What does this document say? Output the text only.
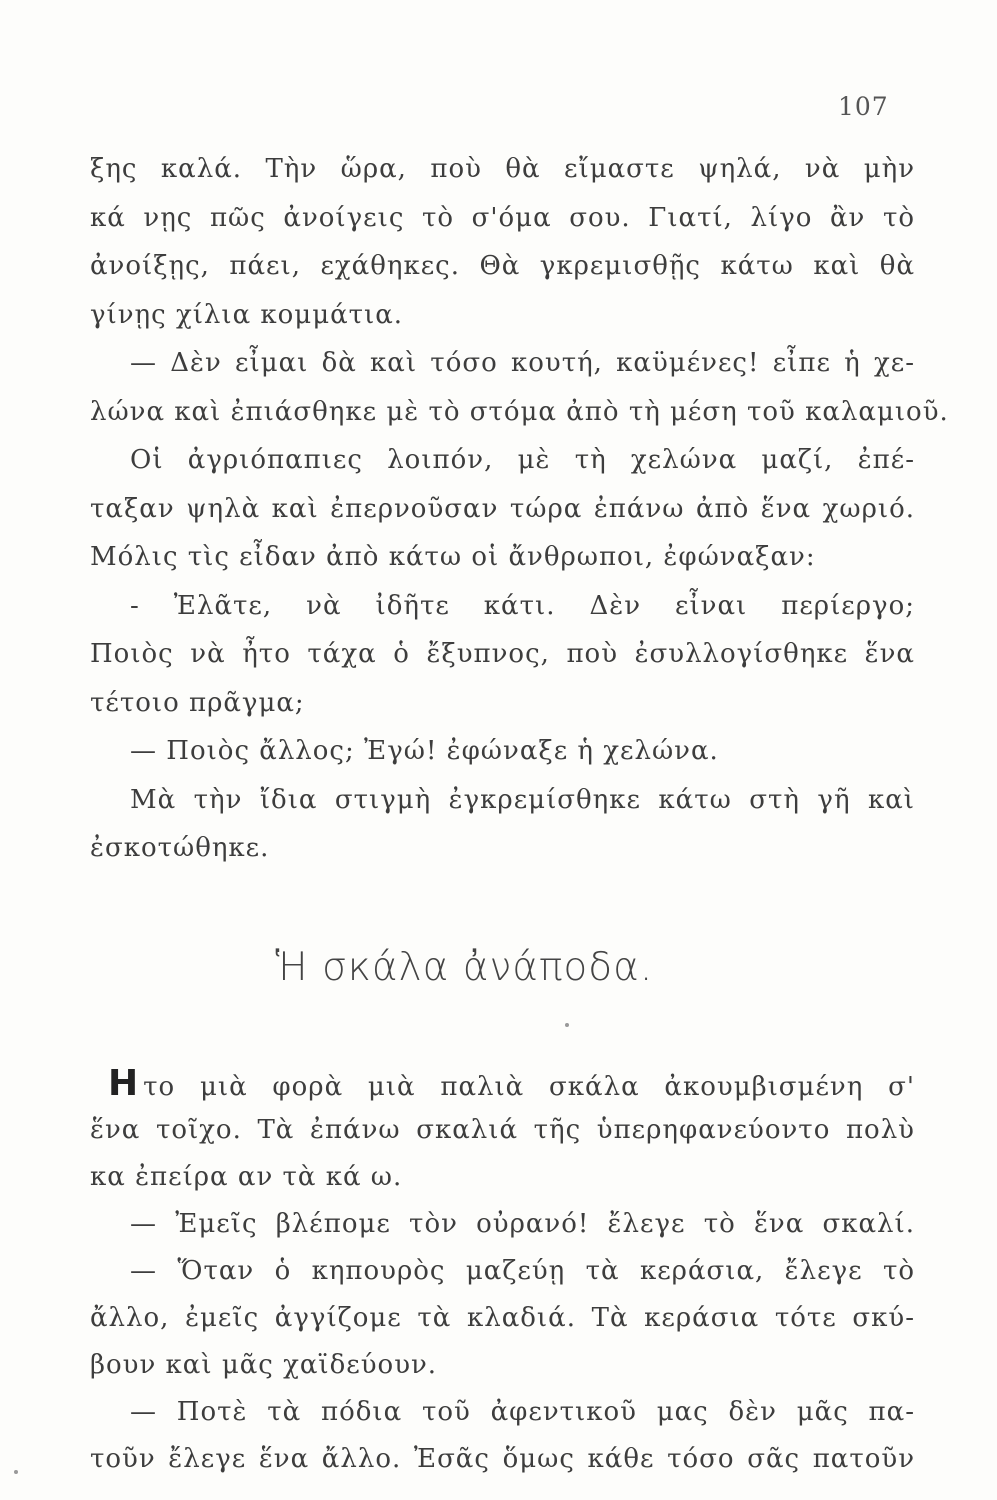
107
ξης καλά. Τὴν ὥρα, ποὺ θὰ εἴμαστε ψηλά, νὰ μὴν
κά νῃς πῶς ἀνοίγεις τὸ σ'όμα σου. Γιατί, λίγο ἂν τὸ
ἀνοίξῃς, πάει, εχάθηκες. Θὰ γκρεμισθῇς κάτω καὶ θὰ
γίνῃς χίλια κομμάτια.
— Δὲν εἶμαι δὰ καὶ τόσο κουτή, καϋμένες! εἶπε ἡ χε-
λώνα καὶ ἐπιάσθηκε μὲ τὸ στόμα ἀπὸ τὴ μέση τοῦ καλαμιοῦ.
Οἱ ἀγριόπαπιες λοιπόν, μὲ τὴ χελώνα μαζί, ἐπέ-
ταξαν ψηλὰ καὶ ἐπερνοῦσαν τώρα ἐπάνω ἀπὸ ἕνα χωριό.
Μόλις τὶς εἶδαν ἀπὸ κάτω οἱ ἄνθρωποι, ἐφώναξαν:
- Ἐλᾶτε, νὰ ἰδῆτε κάτι. Δὲν εἶναι περίεργο;
Ποιὸς νὰ ἦτο τάχα ὁ ἔξυπνος, ποὺ ἐσυλλογίσθηκε ἕνα
τέτοιο πρᾶγμα;
— Ποιὸς ἄλλος; Ἐγώ! ἐφώναξε ἡ χελώνα.
Μὰ τὴν ἴδια στιγμὴ ἐγκρεμίσθηκε κάτω στὴ γῆ καὶ
ἐσκοτώθηκε.
Ἡ σκάλα ἀνάποδα.
Η το μιὰ φορὰ μιὰ παλιὰ σκάλα ἀκουμβισμένη σ'
ἕνα τοῖχο. Τὰ ἐπάνω σκαλιά τῆς ὑπερηφανεύοντο πολὺ
κα ἐπείρα αν τὰ κά ω.
— Ἐμεῖς βλέπομε τὸν οὐρανό! ἔλεγε τὸ ἕνα σκαλί.
— Ὅταν ὁ κηπουρὸς μαζεύῃ τὰ κεράσια, ἔλεγε τὸ
ἄλλο, ἐμεῖς ἀγγίζομε τὰ κλαδιά. Τὰ κεράσια τότε σκύ-
βουν καὶ μᾶς χαϊδεύουν.
— Ποτὲ τὰ πόδια τοῦ ἀφεντικοῦ μας δὲν μᾶς πα-
τοῦν ἔλεγε ἕνα ἄλλο. Ἐσᾶς ὅμως κάθε τόσο σᾶς πατοῦν
